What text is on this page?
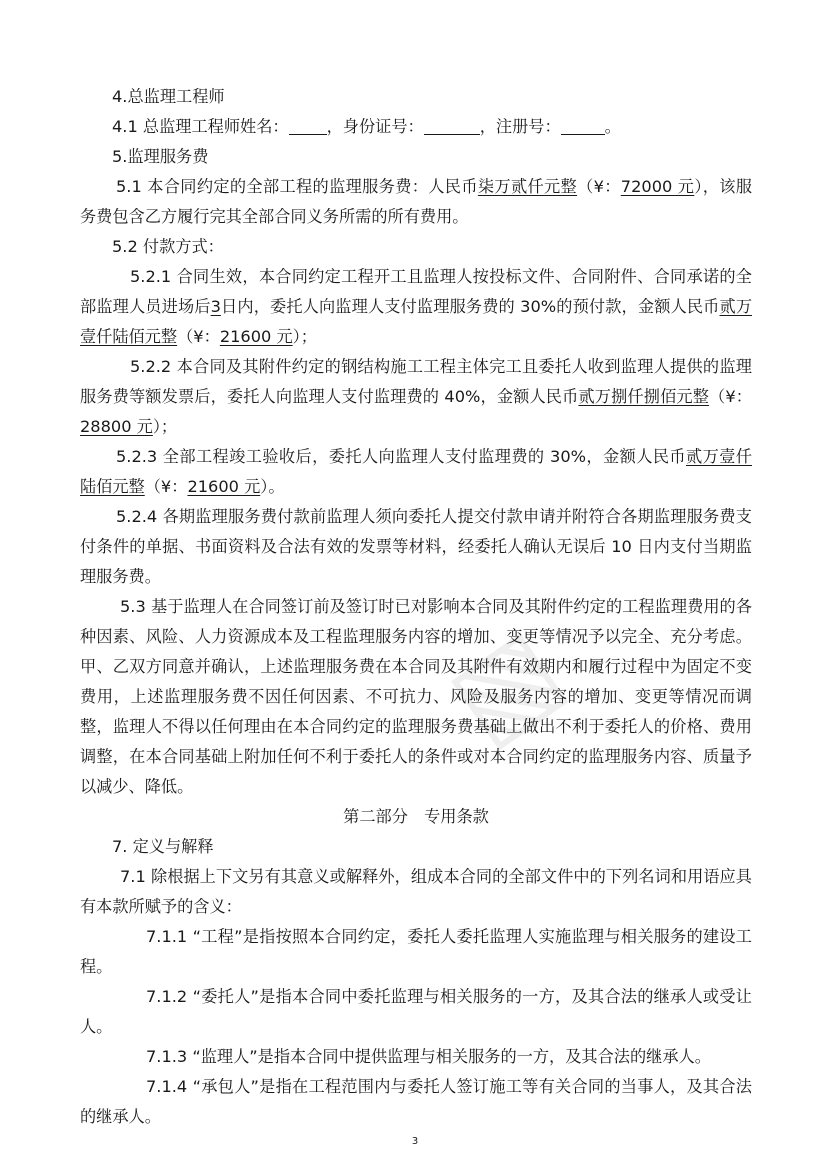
▧

4.总监理工程师

4.1 总监理工程师姓名： ，身份证号：	，注册号：	。

5.监理服务费

5.1 本合同约定的全部工程的监理服务费：人民币柒万贰仟元整（¥：72000 元），该服务费包含乙方履行完其全部合同义务所需的所有费用。

5.2 付款方式：

5.2.1 合同生效，本合同约定工程开工且监理人按投标文件、合同附件、合同承诺的全部监理人员进场后3日内，委托人向监理人支付监理服务费的 30%的预付款，金额人民币贰万壹仟陆佰元整（¥：21600 元）；

5.2.2 本合同及其附件约定的钢结构施工工程主体完工且委托人收到监理人提供的监理服务费等额发票后，委托人向监理人支付监理费的 40%，金额人民币贰万捌仟捌佰元整（¥：28800 元）；

5.2.3 全部工程竣工验收后，委托人向监理人支付监理费的 30%，金额人民币贰万壹仟陆佰元整（¥：21600 元）。

5.2.4 各期监理服务费付款前监理人须向委托人提交付款申请并附符合各期监理服务费支付条件的单据、书面资料及合法有效的发票等材料，经委托人确认无误后 10 日内支付当期监理服务费。

5.3 基于监理人在合同签订前及签订时已对影响本合同及其附件约定的工程监理费用的各种因素、风险、人力资源成本及工程监理服务内容的增加、变更等情况予以完全、充分考虑。甲、乙双方同意并确认，上述监理服务费在本合同及其附件有效期内和履行过程中为固定不变费用，上述监理服务费不因任何因素、不可抗力、风险及服务内容的增加、变更等情况而调整，监理人不得以任何理由在本合同约定的监理服务费基础上做出不利于委托人的价格、费用调整，在本合同基础上附加任何不利于委托人的条件或对本合同约定的监理服务内容、质量予以减少、降低。

第二部分　专用条款

7. 定义与解释

7.1 除根据上下文另有其意义或解释外，组成本合同的全部文件中的下列名词和用语应具有本款所赋予的含义：

7.1.1 “工程”是指按照本合同约定，委托人委托监理人实施监理与相关服务的建设工程。

7.1.2 “委托人”是指本合同中委托监理与相关服务的一方，及其合法的继承人或受让人。

7.1.3 “监理人”是指本合同中提供监理与相关服务的一方，及其合法的继承人。

7.1.4 “承包人”是指在工程范围内与委托人签订施工等有关合同的当事人，及其合法的继承人。

3
